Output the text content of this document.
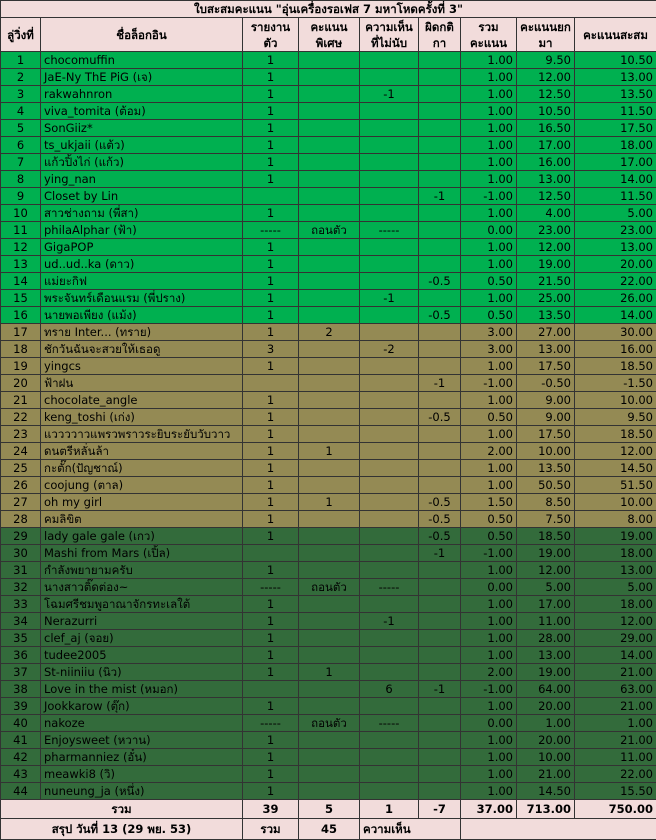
ใบสะสมคะแนน "อุ่นเครื่องรอเฟส 7 มหาโหดครั้งที่ 3"								
ลู่วิ่งที่	ชื่อล็อกอิน	รายงานตัว	คะแนนพิเศษ	ความเห็นที่ไม่นับ	ผิดกติกา	รวมคะแนน	คะแนนยกมา	คะแนนสะสม
1	chocomuffin	1				1.00	9.50	10.50
2	JaE-Ny ThE PiG (เจ)	1				1.00	12.00	13.00
3	rakwahnron	1		-1		1.00	12.50	13.50
4	viva_tomita (ต้อม)	1				1.00	10.50	11.50
5	SonGiiz*	1				1.00	16.50	17.50
6	ts_ukjaii (แต้ว)	1				1.00	17.00	18.00
7	แก้วปิ้งไก่ (แก้ว)	1				1.00	16.00	17.00
8	ying_nan	1				1.00	13.00	14.00
9	Closet by Lin				-1	-1.00	12.50	11.50
10	สาวช่างถาม (พี่สา)	1				1.00	4.00	5.00
11	philaAlphar (ฟ้า)	-----	ถอนตัว	-----		0.00	23.00	23.00
12	GigaPOP	1				1.00	12.00	13.00
13	ud..ud..ka (ดาว)	1				1.00	19.00	20.00
14	แม่ยะกิฟ	1			-0.5	0.50	21.50	22.00
15	พระจันทร์เดือนแรม (พี่ปราง)	1		-1		1.00	25.00	26.00
16	นายพอเพียง (แม้ง)	1			-0.5	0.50	13.50	14.00
17	ทราย Inter... (ทราย)	1	2			3.00	27.00	30.00
18	ชักวันฉันจะสวยให้เธอดู	3		-2		3.00	13.00	16.00
19	yingcs	1				1.00	17.50	18.50
20	ฟ้าฝน				-1	-1.00	-0.50	-1.50
21	chocolate_angle	1				1.00	9.00	10.00
22	keng_toshi (เก่ง)	1			-0.5	0.50	9.00	9.50
23	แววววาวแพรวพราวระยิบระยับวับวาว	1				1.00	17.50	18.50
24	ดนตรีหลั่นล้า	1	1			2.00	10.00	12.00
25	กะตั๊ก(ปัญชาณ์)	1				1.00	13.50	14.50
26	coojung (ตาล)	1				1.00	50.50	51.50
27	oh my girl	1	1		-0.5	1.50	8.50	10.00
28	คมลิขิต	1			-0.5	0.50	7.50	8.00
29	lady gale gale (เกว)	1			-0.5	0.50	18.50	19.00
30	Mashi from Mars (เปิ้ล)				-1	-1.00	19.00	18.00
31	กำลังพยายามครับ	1				1.00	12.00	13.00
32	นางสาวติ๊ดต่อง~	-----	ถอนตัว	-----		0.00	5.00	5.00
33	โฉมศรีชมพูอาณาจักรทะเลใต้	1				1.00	17.00	18.00
34	Nerazurri	1		-1		1.00	11.00	12.00
35	clef_aj (จอย)	1				1.00	28.00	29.00
36	tudee2005	1				1.00	13.00	14.00
37	St-niiniiu (นิว)	1	1			2.00	19.00	21.00
38	Love in the mist (หมอก)			6	-1	-1.00	64.00	63.00
39	Jookkarow (ตุ๊ก)	1				1.00	20.00	21.00
40	nakoze	-----	ถอนตัว	-----		0.00	1.00	1.00
41	Enjoysweet (หวาน)	1				1.00	20.00	21.00
42	pharmanniez (อั๋น)	1				1.00	10.00	11.00
43	meawki8 (วิ)	1				1.00	21.00	22.00
44	nuneung_ja (หนึ่ง)	1				1.00	14.50	15.50
รวม		39	5	1	-7	37.00	713.00	750.00
สรุป วันที่ 13 (29 พย. 53)		รวม	45	ความเห็น				
